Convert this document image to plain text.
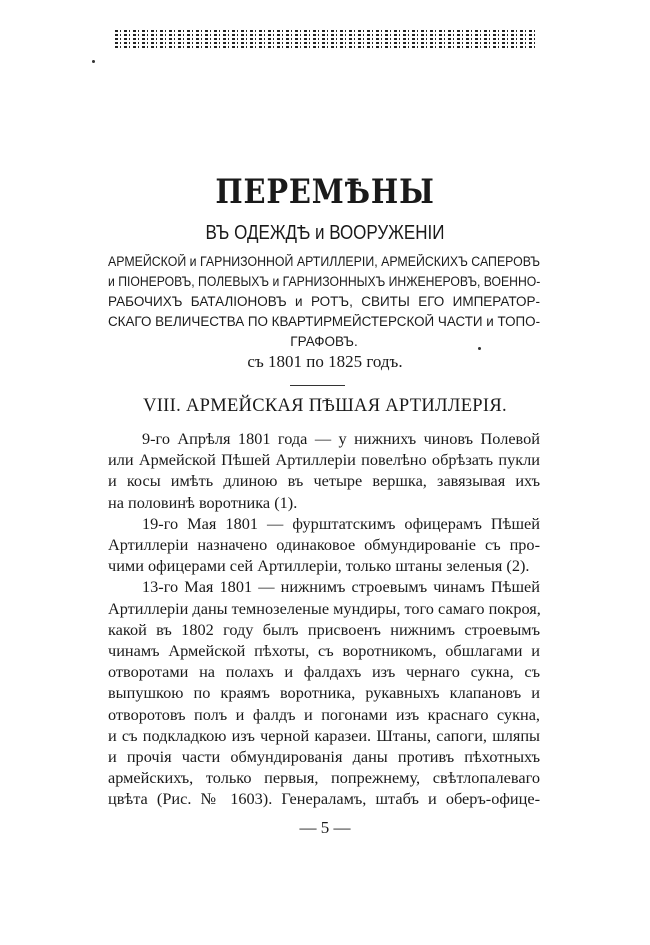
ПЕРЕМѢНЫ
ВЪ ОДЕЖДѢ и ВООРУЖЕНІИ
АРМЕЙСКОЙ и ГАРНИЗОННОЙ АРТИЛЛЕРІИ, АРМЕЙСКИХЪ САПЕРОВЪ
и ПІОНЕРОВЪ, ПОЛЕВЫХЪ и ГАРНИЗОННЫХЪ ИНЖЕНЕРОВЪ, ВОЕННО-
РАБОЧИХЪ БАТАЛІОНОВЪ и РОТЪ, СВИТЫ ЕГО ИМПЕРАТОР-
СКАГО ВЕЛИЧЕСТВА ПО КВАРТИРМЕЙСТЕРСКОЙ ЧАСТИ и ТОПО-
ГРАФОВЪ.
съ 1801 по 1825 годъ.
VIII. АРМЕЙСКАЯ ПѢШАЯ АРТИЛЛЕРІЯ.
9-го Апрѣля 1801 года — у нижнихъ чиновъ Полевой
или Армейской Пѣшей Артиллеріи повелѣно обрѣзать пукли
и косы имѣть длиною въ четыре вершка, завязывая ихъ
на половинѣ воротника (1).
19-го Мая 1801 — фурштатскимъ офицерамъ Пѣшей
Артиллеріи назначено одинаковое обмундированіе съ про-
чими офицерами сей Артиллеріи, только штаны зеленыя (2).
13-го Мая 1801 — нижнимъ строевымъ чинамъ Пѣшей
Артиллеріи даны темнозеленые мундиры, того самаго покроя,
какой въ 1802 году былъ присвоенъ нижнимъ строевымъ
чинамъ Армейской пѣхоты, съ воротникомъ, обшлагами и
отворотами на полахъ и фалдахъ изъ чернаго сукна, съ
выпушкою по краямъ воротника, рукавныхъ клапановъ и
отворотовъ полъ и фалдъ и погонами изъ краснаго сукна,
и съ подкладкою изъ черной каразеи. Штаны, сапоги, шляпы
и прочія части обмундированія даны противъ пѣхотныхъ
армейскихъ, только первыя, попрежнему, свѣтлопалеваго
цвѣта (Рис. № 1603). Генераламъ, штабъ и оберъ-офице-
— 5 —
